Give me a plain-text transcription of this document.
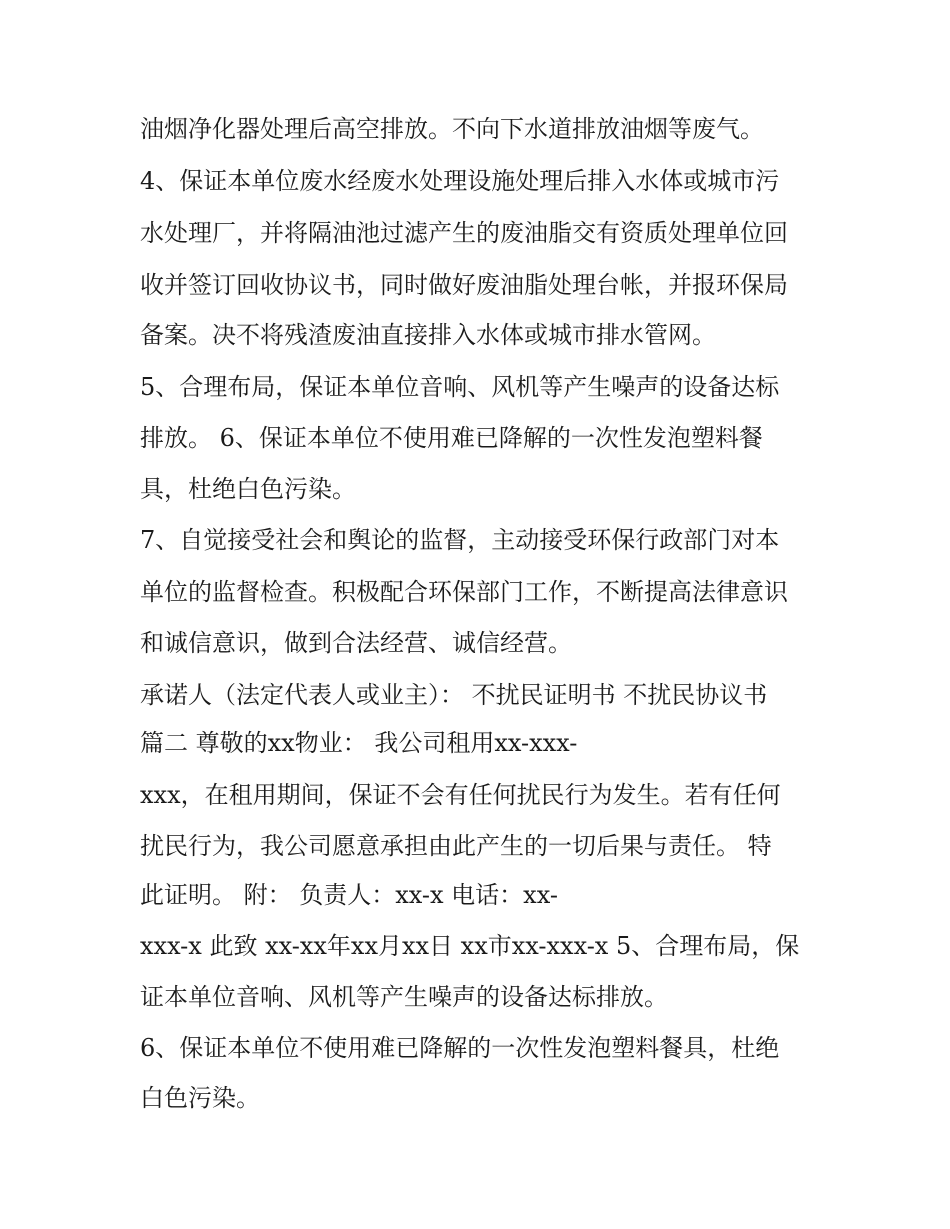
油烟净化器处理后高空排放。不向下水道排放油烟等废气。
4、保证本单位废水经废水处理设施处理后排入水体或城市污
水处理厂，并将隔油池过滤产生的废油脂交有资质处理单位回
收并签订回收协议书，同时做好废油脂处理台帐，并报环保局
备案。决不将残渣废油直接排入水体或城市排水管网。
5、合理布局，保证本单位音响、风机等产生噪声的设备达标
排放。 6、保证本单位不使用难已降解的一次性发泡塑料餐
具，杜绝白色污染。
7、自觉接受社会和舆论的监督，主动接受环保行政部门对本
单位的监督检查。积极配合环保部门工作，不断提高法律意识
和诚信意识，做到合法经营、诚信经营。
承诺人（法定代表人或业主）： 不扰民证明书 不扰民协议书
篇二 尊敬的xx物业： 我公司租用xx-xxx-
xxx，在租用期间，保证不会有任何扰民行为发生。若有任何
扰民行为，我公司愿意承担由此产生的一切后果与责任。 特
此证明。 附： 负责人：xx-x 电话：xx-
xxx-x 此致 xx-xx年xx月xx日 xx市xx-xxx-x 5、合理布局，保
证本单位音响、风机等产生噪声的设备达标排放。
6、保证本单位不使用难已降解的一次性发泡塑料餐具，杜绝
白色污染。
